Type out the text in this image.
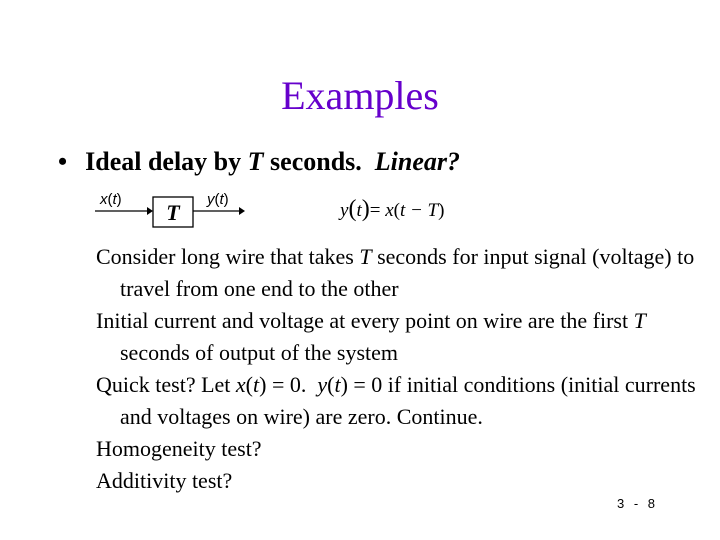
Examples
• Ideal delay by T seconds. Linear?
x(t)
T
y(t)
y(t)= x(t − T)

Consider long wire that takes T seconds for input signal (voltage) to travel from one end to the other

Initial current and voltage at every point on wire are the first T seconds of output of the system

Quick test? Let x(t) = 0.  y(t) = 0 if initial conditions (initial currents and voltages on wire) are zero. Continue.

Homogeneity test?

Additivity test?

3 - 8
